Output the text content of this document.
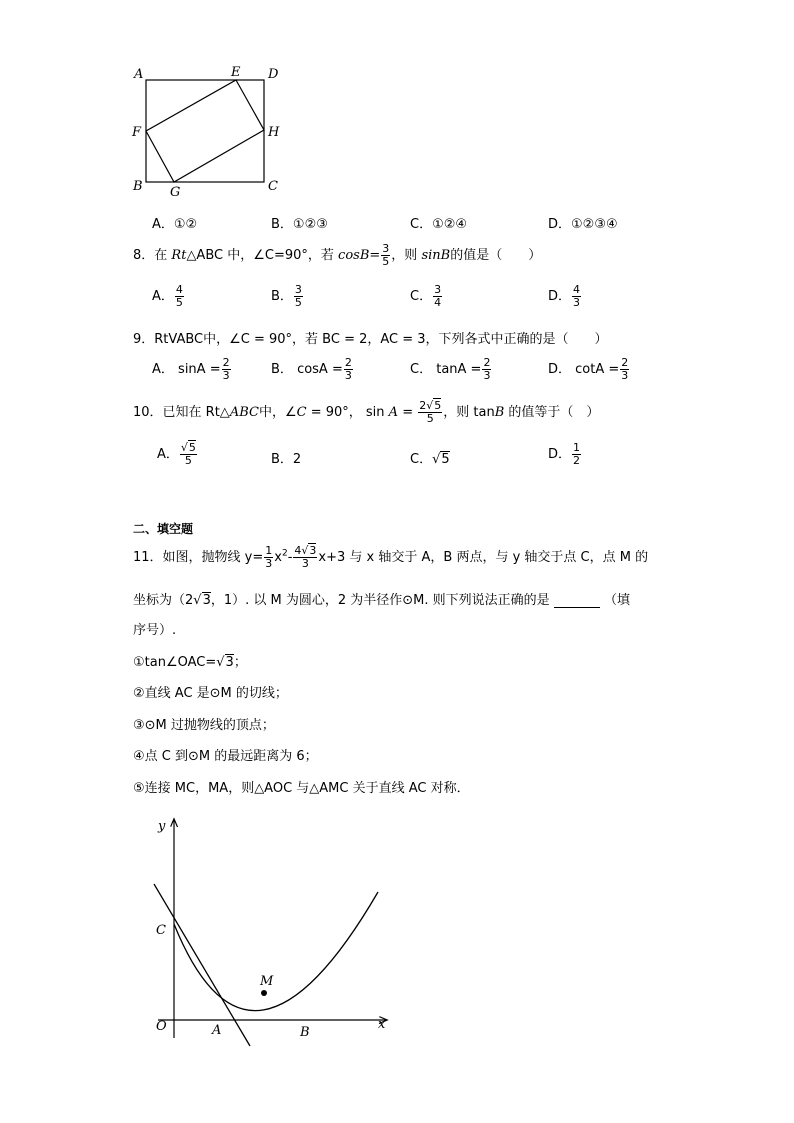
A	E D
F	H
B G	C
A．①②	B．①②③	C．①②④	D．①②③④
8．在 Rt△ABC 中，∠C=90°，若 $\cos B= \frac{3}{5}$ ，则 sinB的值是（　　）
A． $\frac{4}{5}$	B． $\frac{3}{5}$	C． $\frac{3}{4}$	D． $\frac{4}{3}$
9．RtVABC中，∠C = 90°，若 BC = 2，AC = 3，下列各式中正确的是（　　）
A． $\sin A = \frac{2}{3}$	B． $\cos A = \frac{2}{3}$	C． $\tan A = \frac{2}{3}$	D． $\cot A = \frac{2}{3}$
10．已知在 Rt△ABC中，∠C = 90°， $\sin A = \frac{2√5}{5}$ ，则 tanB 的值等于（　）
A． $\frac{√5}{5}$	B．2	C．√5	D． $\frac{1}{2}$
二、填空题
11．如图，抛物线 $y= \frac{1}{3} x^2- \frac{4√3}{3} x+3$ 与 x 轴交于 A，B 两点，与 y 轴交于点 C，点 M 的
坐标为（2√3，1）. 以 M 为圆心，2 为半径作⊙M. 则下列说法正确的是	（填
序号）.
①tan∠OAC=√3；
②直线 AC 是⊙M 的切线；
③⊙M 过抛物线的顶点；
④点 C 到⊙M 的最远距离为 6；
⑤连接 MC，MA，则△AOC 与△AMC 关于直线 AC 对称．
y
x
O
C
A	B
M
